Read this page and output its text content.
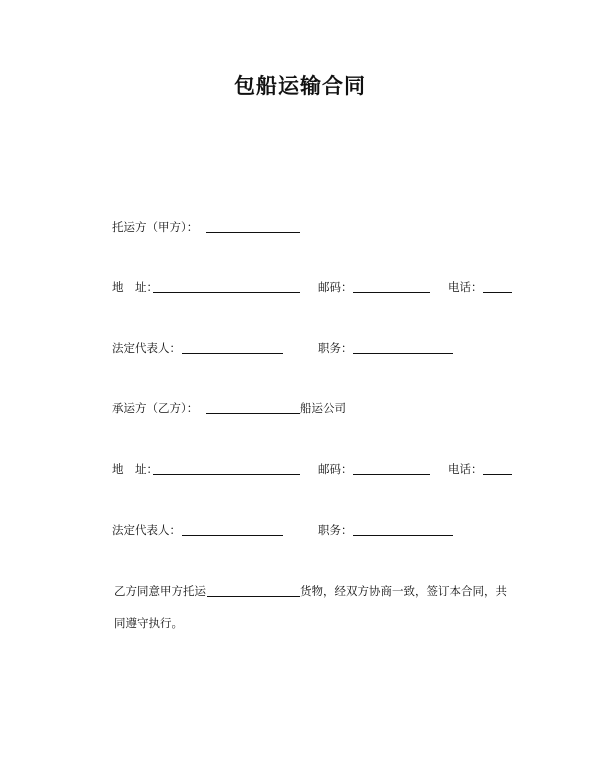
包船运输合同
托运方（甲方）：
地　址：	邮码：	电话：
法定代表人：	职务：
承运方（乙方）：	船运公司
地　址：	邮码：	电话：
法定代表人：	职务：
乙方同意甲方托运	货物，经双方协商一致，签订本合同，共
同遵守执行。
